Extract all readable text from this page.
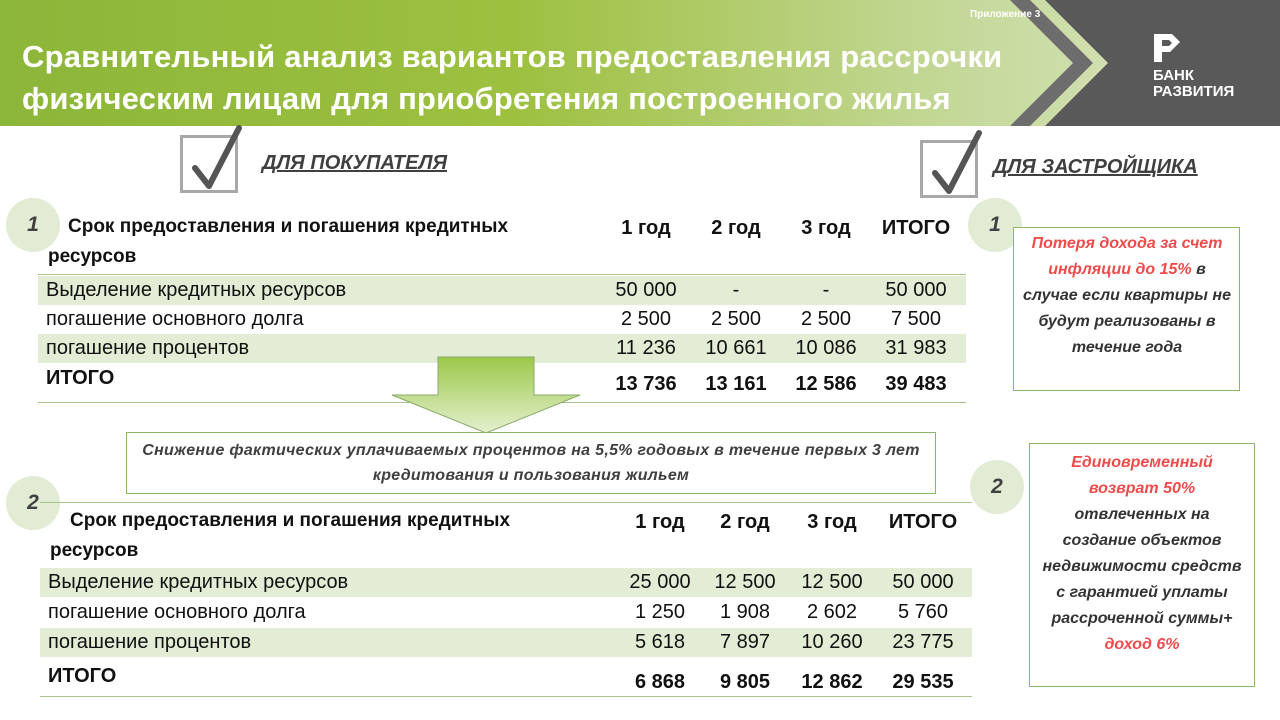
Приложение 3
Сравнительный анализ вариантов предоставления рассрочки физическим лицам для приобретения построенного жилья
БАНК
РАЗВИТИЯ
ДЛЯ ПОКУПАТЕЛЯ	ДЛЯ ЗАСТРОЙЩИКА
1	Срок предоставления и погашения кредитных ресурсов
1 год	2 год	3 год	ИТОГО
Выделение кредитных ресурсов	50 000	-	-	50 000
погашение основного долга	2 500	2 500	2 500	7 500
погашение процентов	11 236	10 661	10 086	31 983
ИТОГО	13 736	13 161	12 586	39 483
Снижение фактических уплачиваемых процентов на 5,5% годовых в течение первых 3 лет кредитования и пользования жильем
2
Срок предоставления и погашения кредитных ресурсов
1 год	2 год	3 год	ИТОГО
Выделение кредитных ресурсов	25 000	12 500	12 500	50 000
погашение основного долга	1 250	1 908	2 602	5 760
погашение процентов	5 618	7 897	10 260	23 775
ИТОГО	6 868	9 805	12 862	29 535
1
Потеря дохода за счет инфляции до 15% в случае если квартиры не будут реализованы в течение года
2
Единовременный возврат 50% отвлеченных на создание объектов недвижимости средств с гарантией уплаты рассроченной суммы+ доход 6%
